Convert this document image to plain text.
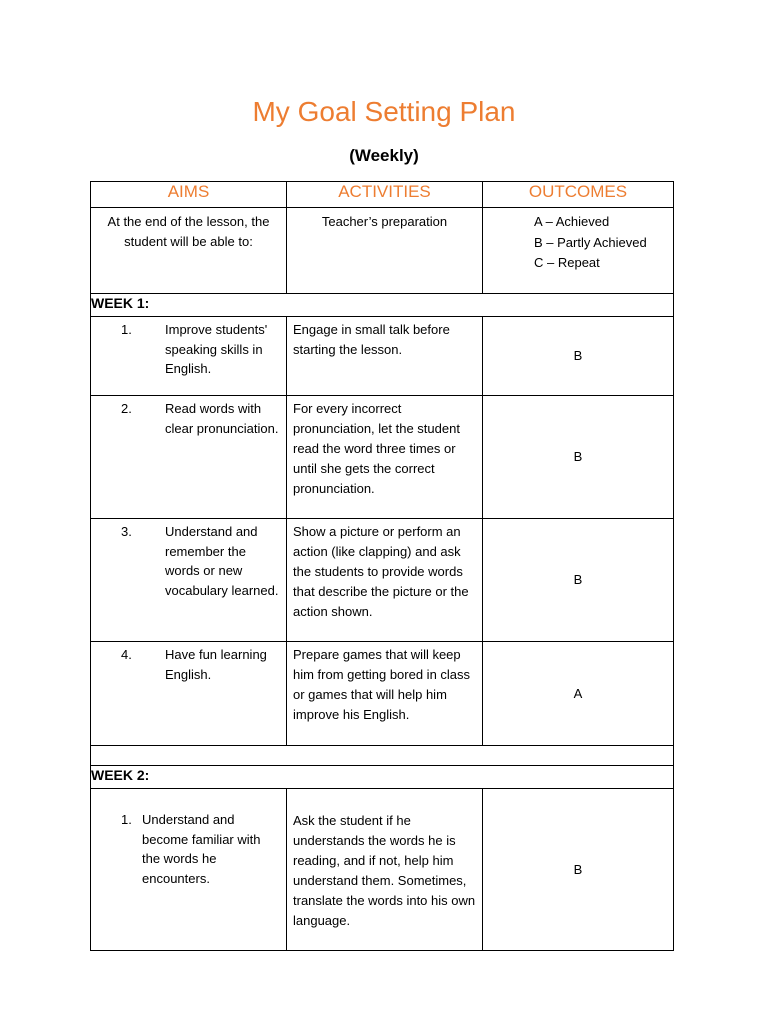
My Goal Setting Plan
(Weekly)
AIMS	ACTIVITIES	OUTCOMES
At the end of the lesson, the student will be able to:	Teacher’s preparation	A – Achieved
B – Partly Achieved
C – Repeat

WEEK 1:		

1. Improve students' speaking skills in English.	Engage in small talk before starting the lesson.	B

2. Read words with clear pronunciation.	For every incorrect pronunciation, let the student read the word three times or until she gets the correct pronunciation.	B

3. Understand and remember the words or new vocabulary learned.	Show a picture or perform an action (like clapping) and ask the students to provide words that describe the picture or the action shown.	B

4. Have fun learning English.	Prepare games that will keep him from getting bored in class or games that will help him improve his English.	A

WEEK 2:		

1. Understand and become familiar with the words he encounters.	Ask the student if he understands the words he is reading, and if not, help him understand them. Sometimes, translate the words into his own language.	B
